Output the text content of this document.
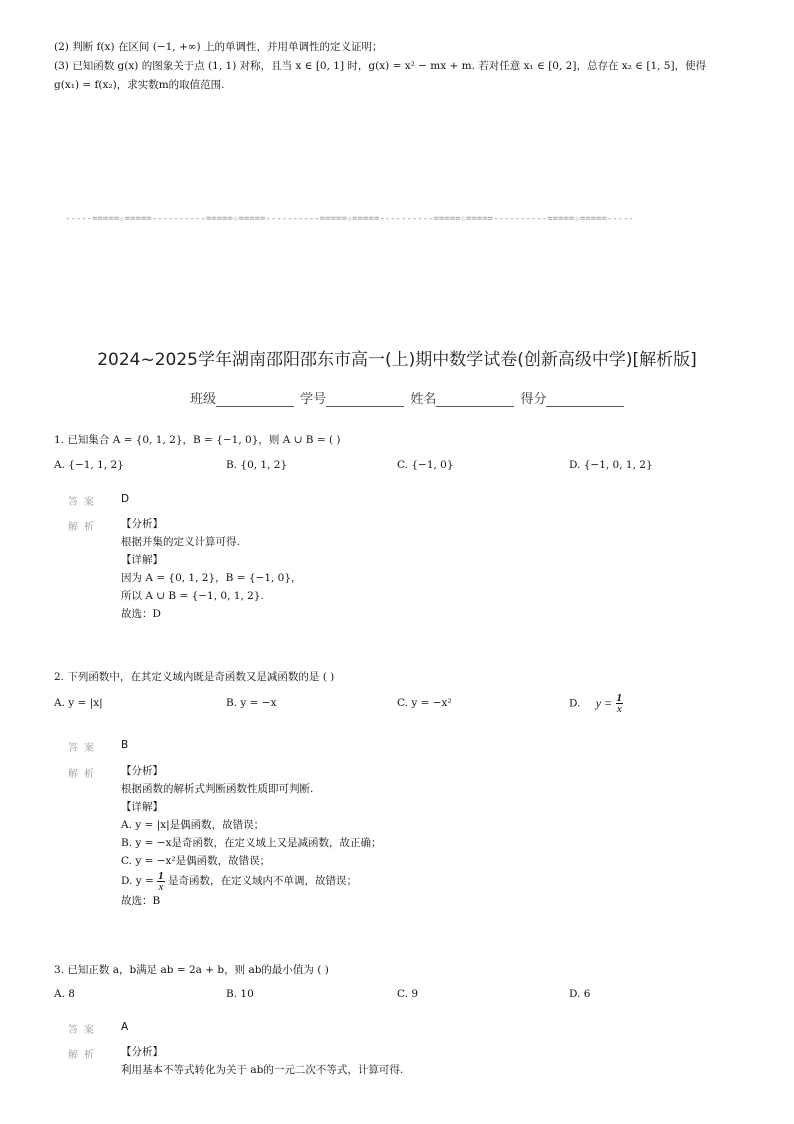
(2) 判断 f(x) 在区间 (−1, +∞) 上的单调性，并用单调性的定义证明；
(3) 已知函数 g(x) 的图象关于点 (1, 1) 对称，且当 x ∈ [0, 1] 时，g(x) = x² − mx + m. 若对任意 x₁ ∈ [0, 2]，总存在 x₂ ∈ [1, 5]，使得
g(x₁) = f(x₂)，求实数m的取值范围.
-----=====☆=====----------=====☆=====----------=====☆=====----------=====☆=====----------=====☆=====-----
2024~2025学年湖南邵阳邵东市高一(上)期中数学试卷(创新高级中学)[解析版]
班级	学号	姓名	得分
1. 已知集合 A = {0, 1, 2}，B = {−1, 0}，则 A ∪ B = ( )
A. {−1, 1, 2}	B. {0, 1, 2}	C. {−1, 0}	D. {−1, 0, 1, 2}
答案 D
解析 【分析】
根据并集的定义计算可得.
【详解】
因为 A = {0, 1, 2}，B = {−1, 0}，
所以 A ∪ B = {−1, 0, 1, 2}.
故选：D
2. 下列函数中，在其定义域内既是奇函数又是减函数的是 ( )
A. y = |x|	B. y = −x	C. y = −x²	D. $y = \frac{1}{x}$
答案 B
解析 【分析】
根据函数的解析式判断函数性质即可判断.
【详解】
A. y = |x|是偶函数，故错误；
B. y = −x是奇函数，在定义域上又是减函数，故正确；
C. y = −x²是偶函数，故错误；
D. $y = \frac{1}{x}$ 是奇函数，在定义域内不单调，故错误；
故选：B
3. 已知正数 a，b满足 ab = 2a + b，则 ab的最小值为 ( )
A. 8	B. 10	C. 9	D. 6
答案 A
解析 【分析】
利用基本不等式转化为关于 ab的一元二次不等式，计算可得.
